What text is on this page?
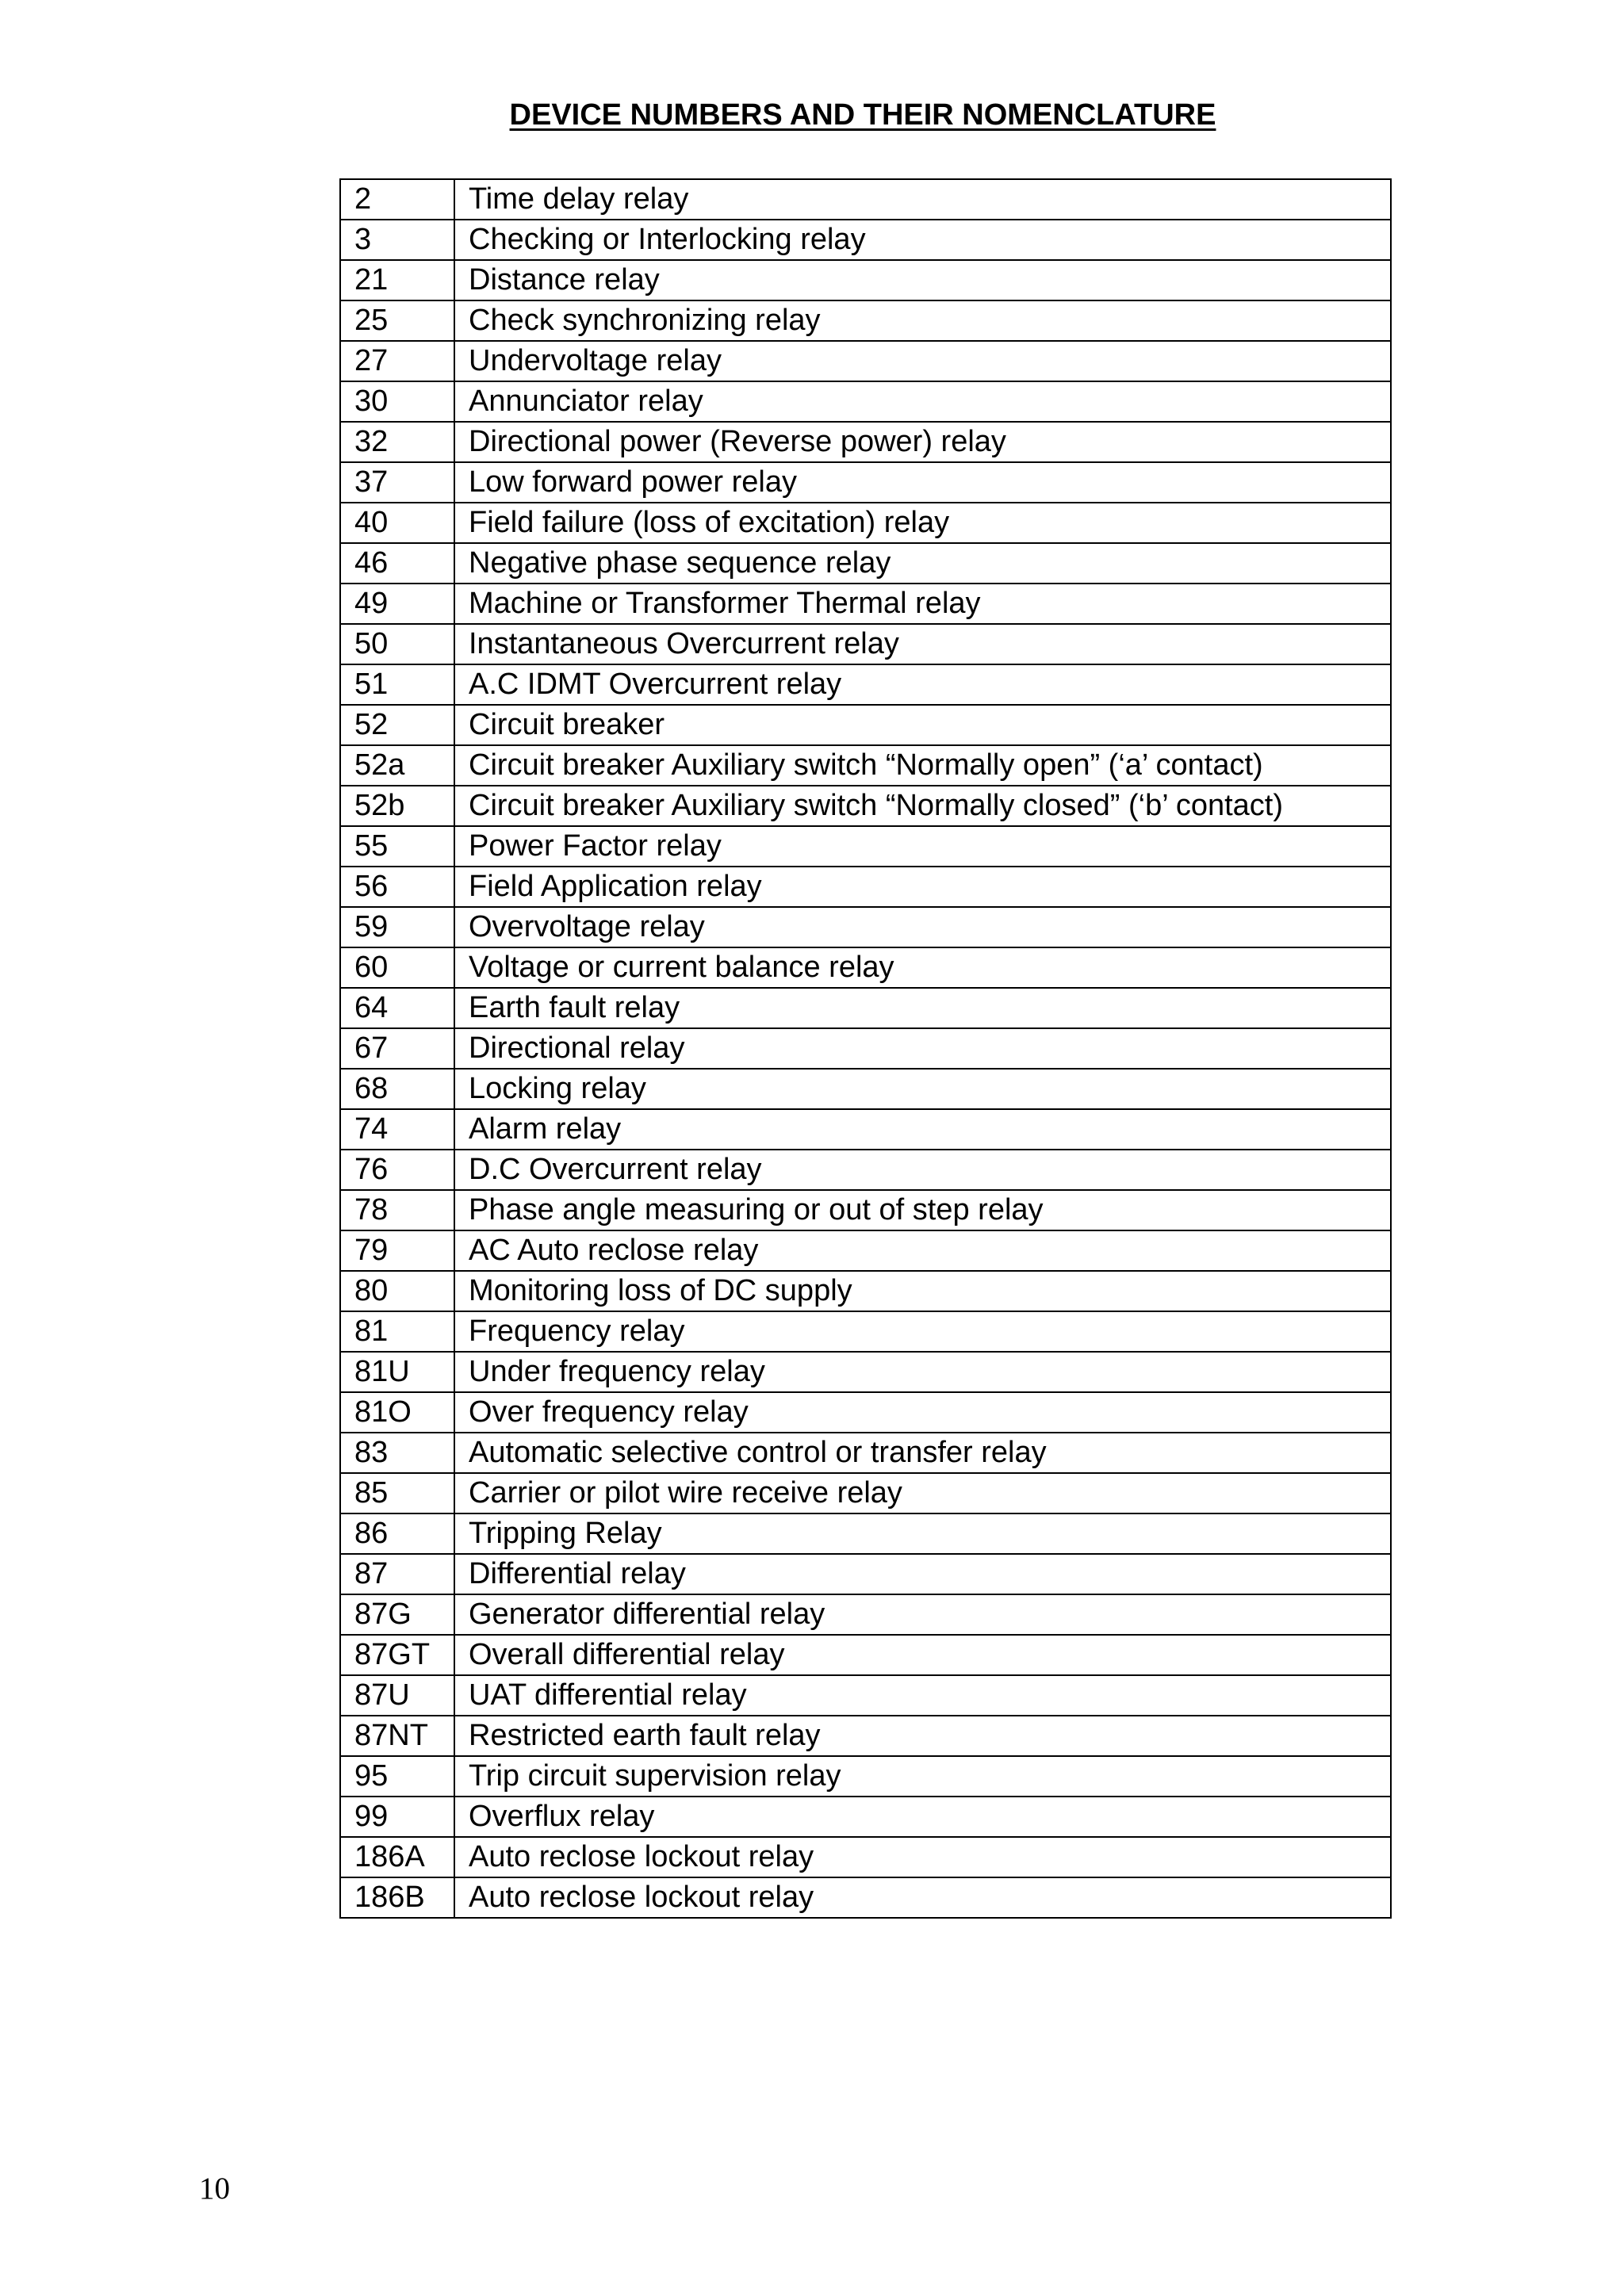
DEVICE NUMBERS AND THEIR NOMENCLATURE
2	Time delay relay
3	Checking or Interlocking relay
21	Distance relay
25	Check synchronizing relay
27	Undervoltage relay
30	Annunciator relay
32	Directional power (Reverse power) relay
37	Low forward power relay
40	Field failure (loss of excitation) relay
46	Negative phase sequence relay
49	Machine or Transformer Thermal relay
50	Instantaneous Overcurrent relay
51	A.C IDMT Overcurrent relay
52	Circuit breaker
52a	Circuit breaker Auxiliary switch “Normally open” (‘a’ contact)
52b	Circuit breaker Auxiliary switch “Normally closed” (‘b’ contact)
55	Power Factor relay
56	Field Application relay
59	Overvoltage relay
60	Voltage or current balance relay
64	Earth fault relay
67	Directional relay
68	Locking relay
74	Alarm relay
76	D.C Overcurrent relay
78	Phase angle measuring or out of step relay
79	AC Auto reclose relay
80	Monitoring loss of DC supply
81	Frequency relay
81U	Under frequency relay
81O	Over frequency relay
83	Automatic selective control or transfer relay
85	Carrier or pilot wire receive relay
86	Tripping Relay
87	Differential relay
87G	Generator differential relay
87GT	Overall differential relay
87U	UAT differential relay
87NT	Restricted earth fault relay
95	Trip circuit supervision relay
99	Overflux relay
186A	Auto reclose lockout relay
186B	Auto reclose lockout relay
10
